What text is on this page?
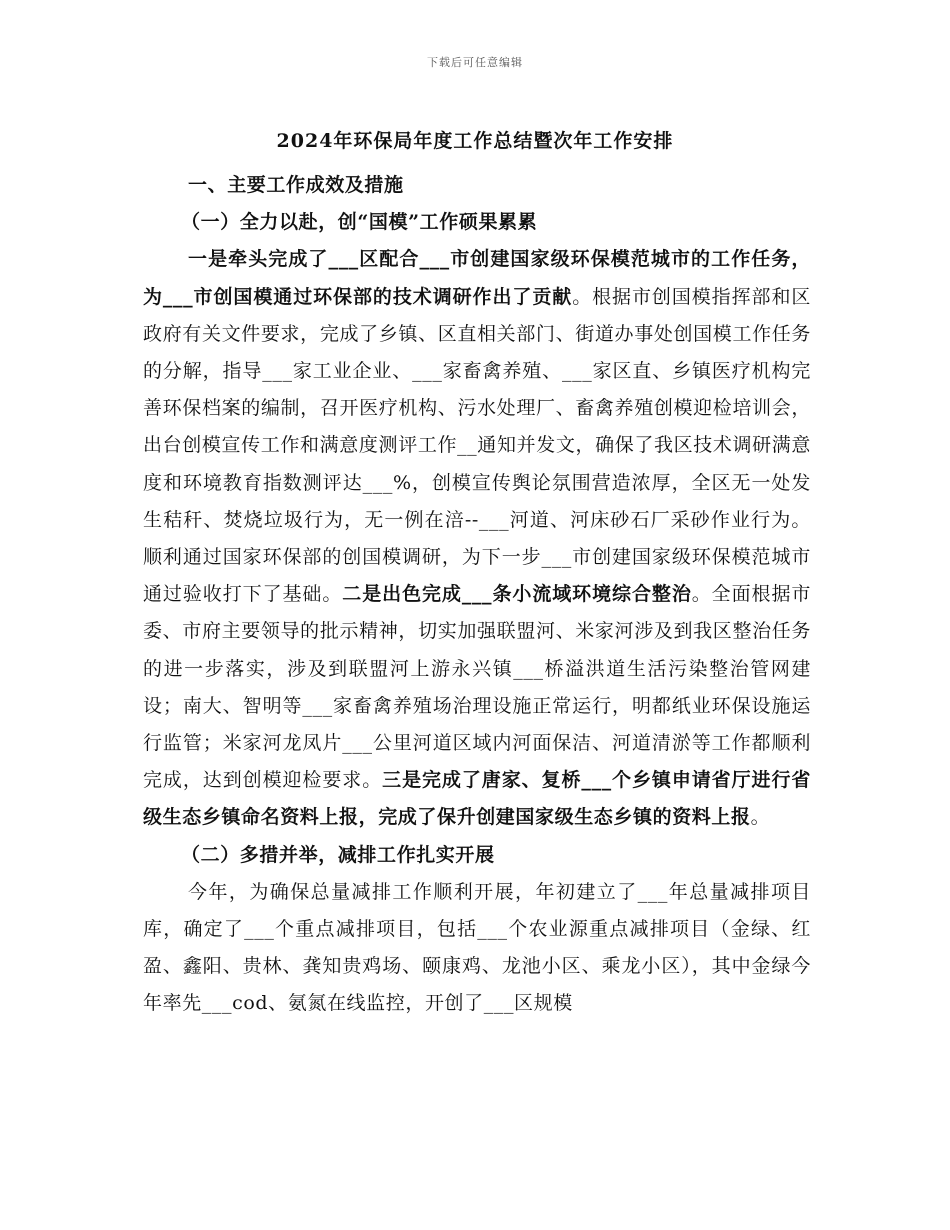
下载后可任意编辑
2024年环保局年度工作总结暨次年工作安排

一、主要工作成效及措施

（一）全力以赴，创“国模”工作硕果累累

一是牵头完成了___区配合___市创建国家级环保模范城市的工作任务，为___市创国模通过环保部的技术调研作出了贡献。根据市创国模指挥部和区政府有关文件要求，完成了乡镇、区直相关部门、街道办事处创国模工作任务的分解，指导___家工业企业、___家畜禽养殖、___家区直、乡镇医疗机构完善环保档案的编制，召开医疗机构、污水处理厂、畜禽养殖创模迎检培训会，出台创模宣传工作和满意度测评工作__通知并发文，确保了我区技术调研满意度和环境教育指数测评达___%，创模宣传舆论氛围营造浓厚，全区无一处发生秸秆、焚烧垃圾行为，无一例在涪--___河道、河床砂石厂采砂作业行为。顺利通过国家环保部的创国模调研，为下一步___市创建国家级环保模范城市通过验收打下了基础。二是出色完成___条小流域环境综合整治。全面根据市委、市府主要领导的批示精神，切实加强联盟河、米家河涉及到我区整治任务的进一步落实，涉及到联盟河上游永兴镇___桥溢洪道生活污染整治管网建设；南大、智明等___家畜禽养殖场治理设施正常运行，明都纸业环保设施运行监管；米家河龙凤片___公里河道区域内河面保洁、河道清淤等工作都顺利完成，达到创模迎检要求。三是完成了唐家、复桥___个乡镇申请省厅进行省级生态乡镇命名资料上报，完成了保升创建国家级生态乡镇的资料上报。

（二）多措并举，减排工作扎实开展

今年，为确保总量减排工作顺利开展，年初建立了___年总量减排项目库，确定了___个重点减排项目，包括___个农业源重点减排项目（金绿、红盈、鑫阳、贵林、龚知贵鸡场、颐康鸡、龙池小区、乘龙小区），其中金绿今年率先___cod、氨氮在线监控，开创了___区规模
